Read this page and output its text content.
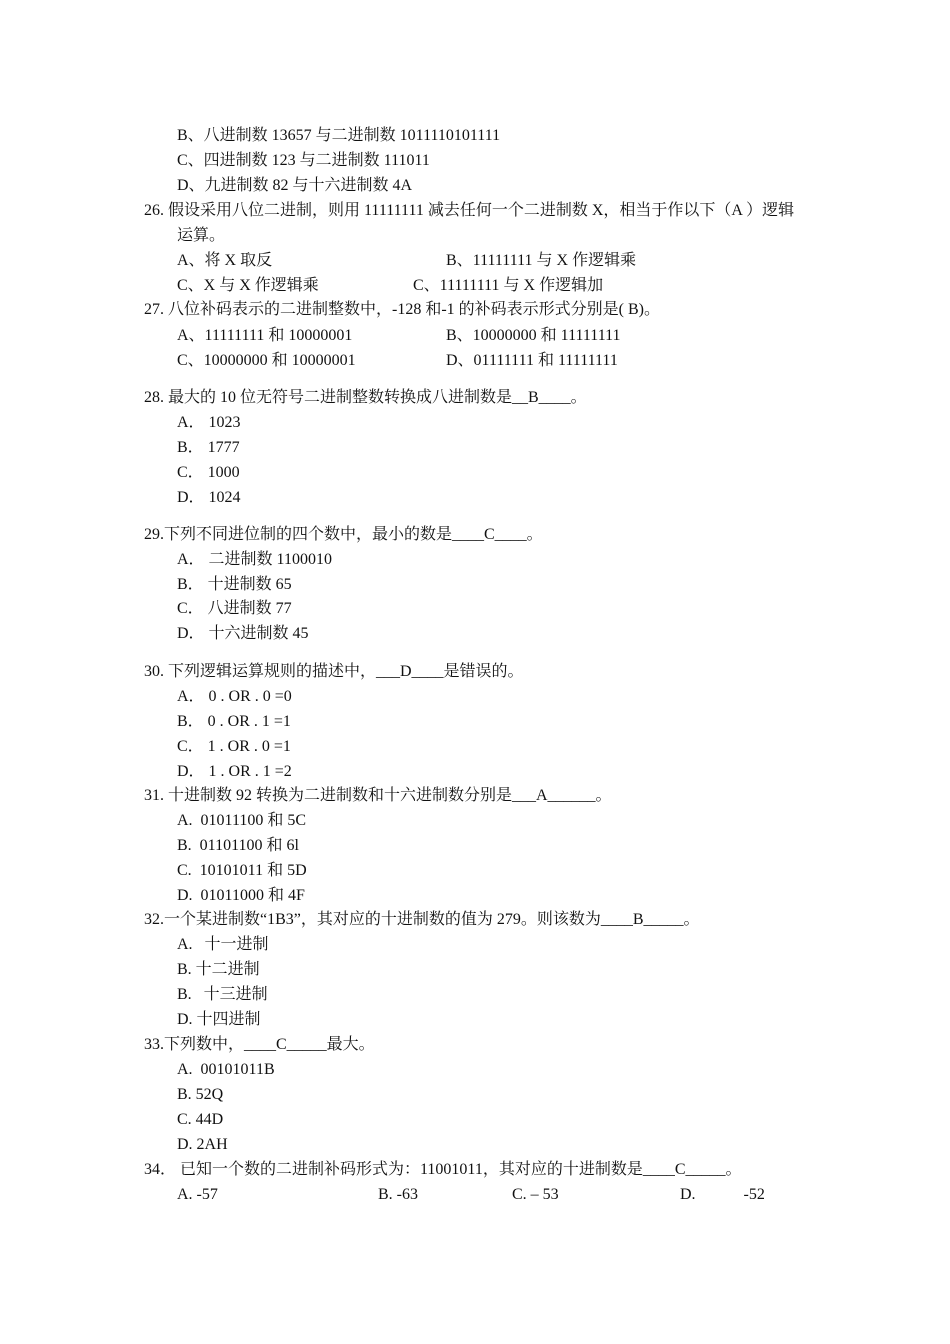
B、八进制数 13657 与二进制数 1011110101111
C、四进制数 123 与二进制数 111011
D、九进制数 82 与十六进制数 4A
26. 假设采用八位二进制，则用 11111111 减去任何一个二进制数 X，相当于作以下（A ）逻辑
运算。
A、将 X 取反	B、11111111 与 X 作逻辑乘
C、X 与 X 作逻辑乘	C、11111111 与 X 作逻辑加
27. 八位补码表示的二进制整数中，-128 和-1 的补码表示形式分别是( B)。
A、11111111 和 10000001	B、10000000 和 11111111
C、10000000 和 10000001	D、01111111 和 11111111
28. 最大的 10 位无符号二进制整数转换成八进制数是__B____。
A． 1023
B． 1777
C． 1000
D． 1024
29.下列不同进位制的四个数中，最小的数是____C____。
A． 二进制数 1100010
B． 十进制数 65
C． 八进制数 77
D． 十六进制数 45
30. 下列逻辑运算规则的描述中，___D____是错误的。
A． 0 . OR . 0 =0
B． 0 . OR . 1 =1
C． 1 . OR . 0 =1
D． 1 . OR . 1 =2
31. 十进制数 92 转换为二进制数和十六进制数分别是___A______。
A.  01011100 和 5C
B.  01101100 和 6l
C.  10101011 和 5D
D.  01011000 和 4F
32.一个某进制数“1B3”，其对应的十进制数的值为 279。则该数为____B_____。
A.   十一进制
B. 十二进制
B.   十三进制
D. 十四进制
33.下列数中，____C_____最大。
A.  00101011B
B. 52Q
C. 44D
D. 2AH
34． 已知一个数的二进制补码形式为：11001011，其对应的十进制数是____C_____。
A. -57	B. -63	C. – 53	D.            -52
